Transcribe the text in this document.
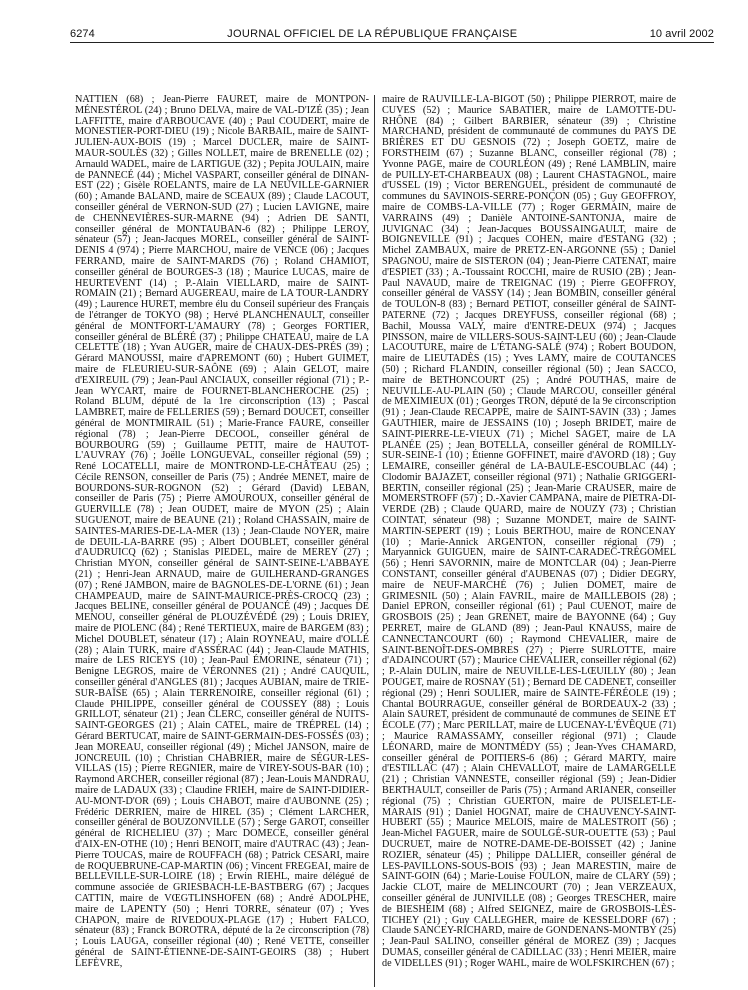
6274	JOURNAL OFFICIEL DE LA RÉPUBLIQUE FRANÇAISE	10 avril 2002
NATTIEN (68) ; Jean-Pierre FAURET, maire de MONTPON-MÉNESTÉROL (24) ; Bruno DELVA, maire de VAL-D'IZÉ (35) ; Jean LAFFITTE, maire d'ARBOUCAVE (40) ; Paul COUDERT, maire de MONESTIER-PORT-DIEU (19) ; Nicole BARBAIL, maire de SAINT-JULIEN-AUX-BOIS (19) ; Marcel DUCLER, maire de SAINT-MAUR-SOULÈS (32) ; Gilles NOLLET, maire de BRENELLE (02) ; Arnauld WADEL, maire de LARTIGUE (32) ; Pepita JOULAIN, maire de PANNECÉ (44) ; Michel VASPART, conseiller général de DINAN-EST (22) ; Gisèle ROELANTS, maire de LA NEUVILLE-GARNIER (60) ; Amande BALAND, maire de SCEAUX (89) ; Claude LACOUT, conseiller général de VERNON-SUD (27) ; Lucien LAVIGNE, maire de CHENNEVIÈRES-SUR-MARNE (94) ; Adrien DE SANTI, conseiller général de MONTAUBAN-6 (82) ; Philippe LEROY, sénateur (57) ; Jean-Jacques MOREL, conseiller général de SAINT-DENIS 4 (974) ; Pierre MARCHOU, maire de VENCE (06) ; Jacques FERRAND, maire de SAINT-MARDS (76) ; Roland CHAMIOT, conseiller général de BOURGES-3 (18) ; Maurice LUCAS, maire de HEURTEVENT (14) ; P.-Alain VIELLARD, maire de SAINT-ROMAIN (21) ; Bernard AUGEREAU, maire de LA TOUR-LANDRY (49) ; Laurence HURET, membre élu du Conseil supérieur des Français de l'étranger de TOKYO (98) ; Hervé PLANCHENAULT, conseiller général de MONTFORT-L'AMAURY (78) ; Georges FORTIER, conseiller général de BLÉRÉ (37) ; Philippe CHATEAU, maire de LA CELETTE (18) ; Yvan AUGER, maire de CHAUX-DES-PRÉS (39) ; Gérard MANOUSSI, maire d'APREMONT (60) ; Hubert GUIMET, maire de FLEURIEU-SUR-SAÔNE (69) ; Alain GELOT, maire d'EXIREUIL (79) ; Jean-Paul ANCIAUX, conseiller régional (71) ; P.-Jean WYCART, maire de FOURNET-BLANCHEROCHE (25) ; Roland BLUM, député de la 1re circonscription (13) ; Pascal LAMBRET, maire de FELLERIES (59) ; Bernard DOUCET, conseiller général de MONTMIRAIL (51) ; Marie-France FAURE, conseiller régional (78) ; Jean-Pierre DECOOL, conseiller général de BOURBOURG (59) ; Guillaume PETIT, maire de HAUTOT-L'AUVRAY (76) ; Joëlle LONGUEVAL, conseiller régional (59) ; René LOCATELLI, maire de MONTROND-LE-CHÂTEAU (25) ; Cécile RENSON, conseiller de Paris (75) ; Andrée MENET, maire de BOURDONS-SUR-ROGNON (52) ; Gérard (David) LEBAN, conseiller de Paris (75) ; Pierre AMOUROUX, conseiller général de GUERVILLE (78) ; Jean OUDET, maire de MYON (25) ; Alain SUGUENOT, maire de BEAUNE (21) ; Roland CHASSAIN, maire de SAINTES-MARIES-DE-LA-MER (13) ; Jean-Claude NOYER, maire de DEUIL-LA-BARRE (95) ; Albert DOUBLET, conseiller général d'AUDRUICQ (62) ; Stanislas PIEDEL, maire de MEREY (27) ; Christian MYON, conseiller général de SAINT-SEINE-L'ABBAYE (21) ; Henri-Jean ARNAUD, maire de GUILHERAND-GRANGES (07) ; René JAMBON, maire de BAGNOLES-DE-L'ORNE (61) ; Jean CHAMPEAUD, maire de SAINT-MAURICE-PRÈS-CROCQ (23) ; Jacques BELINE, conseiller général de POUANCÉ (49) ; Jacques DE MENOU, conseiller général de PLOUZÉVÉDÉ (29) ; Louis DRIEY, maire de PIOLENC (84) ; René TERTIEUX, maire de BARGEM (83) ; Michel DOUBLET, sénateur (17) ; Alain ROYNEAU, maire d'OLLÉ (28) ; Alain TURK, maire d'ASSÉRAC (44) ; Jean-Claude MATHIS, maire de LES RICEYS (10) ; Jean-Paul ÉMORINE, sénateur (71) ; Benigne LEGROS, maire de VÉRONNES (21) ; André CAUQUIL, conseiller général d'ANGLES (81) ; Jacques AUBIAN, maire de TRIE-SUR-BAÏSE (65) ; Alain TERRENOIRE, conseiller régional (61) ; Claude PHILIPPE, conseiller général de COUSSEY (88) ; Louis GRILLOT, sénateur (21) ; Jean CLERC, conseiller général de NUITS-SAINT-GEORGES (21) ; Alain CATEL, maire de TRÉPREL (14) ; Gérard BERTUCAT, maire de SAINT-GERMAIN-DES-FOSSÉS (03) ; Jean MOREAU, conseiller régional (49) ; Michel JANSON, maire de JONCREUIL (10) ; Christian CHABRIER, maire de SÉGUR-LES-VILLAS (15) ; Pierre REGNIER, maire de VIREY-SOUS-BAR (10) ; Raymond ARCHER, conseiller régional (87) ; Jean-Louis MANDRAU, maire de LADAUX (33) ; Claudine FRIEH, maire de SAINT-DIDIER-AU-MONT-D'OR (69) ; Louis CHABOT, maire d'AUBONNE (25) ; Frédéric DERRIEN, maire de HIREL (35) ; Clément LARCHER, conseiller général de BOUZONVILLE (57) ; Serge GAROT, conseiller général de RICHELIEU (37) ; Marc DOMECE, conseiller général d'AIX-EN-OTHE (10) ; Henri BENOIT, maire d'AUTRAC (43) ; Jean-Pierre TOUCAS, maire de ROUFFACH (68) ; Patrick CESARI, maire de ROQUEBRUNE-CAP-MARTIN (06) ; Vincent FREGEAI, maire de BELLEVILLE-SUR-LOIRE (18) ; Erwin RIEHL, maire délégué de commune associée de GRIESBACH-LE-BASTBERG (67) ; Jacques CATTIN, maire de VŒGTLINSHOFEN (68) ; André ADOLPHE, maire de LAPENTY (50) ; Henri TORRE, sénateur (07) ; Yves CHAPON, maire de RIVEDOUX-PLAGE (17) ; Hubert FALCO, sénateur (83) ; Franck BOROTRA, député de la 2e circonscription (78) ; Louis LAUGA, conseiller régional (40) ; René VETTE, conseiller général de SAINT-ÉTIENNE-DE-SAINT-GEOIRS (38) ; Hubert LEFÈVRE,
maire de RAUVILLE-LA-BIGOT (50) ; Philippe PIERROT, maire de CUVES (52) ; Maurice SABATIER, maire de LAMOTTE-DU-RHÔNE (84) ; Gilbert BARBIER, sénateur (39) ; Christine MARCHAND, président de communauté de communes du PAYS DE BRIÈRES ET DU GESNOIS (72) ; Joseph GOETZ, maire de FORSTHEIM (67) ; Suzanne BLANC, conseiller régional (78) ; Yvonne PAGE, maire de COURLÉON (49) ; René LAMBLIN, maire de PUILLY-ET-CHARBEAUX (08) ; Laurent CHASTAGNOL, maire d'USSEL (19) ; Victor BERENGUEL, président de communauté de communes du SAVINOIS-SERRE-PONÇON (05) ; Guy GEOFFROY, maire de COMBS-LA-VILLE (77) ; Roger GERMAIN, maire de VARRAINS (49) ; Danièle ANTOINE-SANTONJA, maire de JUVIGNAC (34) ; Jean-Jacques BOUSSAINGAULT, maire de BOIGNEVILLE (91) ; Jacques COHEN, maire d'ESTANG (32) ; Michel ZAMBAUX, maire de PRETZ-EN-ARGONNE (55) ; Daniel SPAGNOU, maire de SISTERON (04) ; Jean-Pierre CATENAT, maire d'ESPIET (33) ; A.-Toussaint ROCCHI, maire de RUSIO (2B) ; Jean-Paul NAVAUD, maire de TREIGNAC (19) ; Pierre GEOFFROY, conseiller général de VASSY (14) ; Jean BOMBIN, conseiller général de TOULON-8 (83) ; Bernard PETIOT, conseiller général de SAINT-PATERNE (72) ; Jacques DREYFUSS, conseiller régional (68) ; Bachil, Moussa VALY, maire d'ENTRE-DEUX (974) ; Jacques PINSSON, maire de VILLERS-SOUS-SAINT-LEU (60) ; Jean-Claude LACOUTURE, maire de L'ÉTANG-SALÉ (974) ; Robert BOUDON, maire de LIEUTADÈS (15) ; Yves LAMY, maire de COUTANCES (50) ; Richard FLANDIN, conseiller régional (50) ; Jean SACCO, maire de BETHONCOURT (25) ; André POUTHAS, maire de NEUVILLE-AU-PLAIN (50) ; Claude MARCOU, conseiller général de MEXIMIEUX (01) ; Georges TRON, député de la 9e circonscription (91) ; Jean-Claude RECAPPE, maire de SAINT-SAVIN (33) ; James GAUTHIER, maire de JESSAINS (10) ; Joseph BRIDET, maire de SAINT-PIERRE-LE-VIEUX (71) ; Michel SAGET, maire de LA PLANÉE (25) ; Jean BOTELLA, conseiller général de ROMILLY-SUR-SEINE-1 (10) ; Étienne GOFFINET, maire d'AVORD (18) ; Guy LEMAIRE, conseiller général de LA-BAULE-ESCOUBLAC (44) ; Clodomir BAJAZET, conseiller régional (971) ; Nathalie GRIGGERI-BERTIN, conseiller régional (25) ; Jean-Marie CRAUSER, maire de MOMERSTROFF (57) ; D.-Xavier CAMPANA, maire de PIETRA-DI-VERDE (2B) ; Claude QUARD, maire de NOUZY (73) ; Christian COINTAT, sénateur (98) ; Suzanne MONDET, maire de SAINT-MARTIN-SEPERT (19) ; Louis BERTHOU, maire de RONCENAY (10) ; Marie-Annick ARGENTON, conseiller régional (79) ; Maryannick GUIGUEN, maire de SAINT-CARADEC-TRÉGOMEL (56) ; Henri SAVORNIN, maire de MONTCLAR (04) ; Jean-Pierre CONSTANT, conseiller général d'AUBENAS (07) ; Didier DEGRY, maire de NEUF-MARCHÉ (76) ; Julien DOMET, maire de GRIMESNIL (50) ; Alain FAVRIL, maire de MAILLEBOIS (28) ; Daniel EPRON, conseiller régional (61) ; Paul CUENOT, maire de GROSBOIS (25) ; Jean GRENET, maire de BAYONNE (64) ; Guy PERRET, maire de GLAND (89) ; Jean-Paul KNAUSS, maire de CANNECTANCOURT (60) ; Raymond CHEVALIER, maire de SAINT-BENOÎT-DES-OMBRES (27) ; Pierre SURLOTTE, maire d'ADAINCOURT (57) ; Maurice CHEVALIER, conseiller régional (62) ; P.-Alain DULIN, maire de NEUVILLE-LES-LŒUILLY (80) ; Jean POUGET, maire de ROSNAY (51) ; Bernard DE CADENET, conseiller régional (29) ; Henri SOULIER, maire de SAINTE-FÉRÉOLE (19) ; Chantal BOURRAGUE, conseiller général de BORDEAUX-2 (33) ; Alain SAURET, président de communauté de communes de SEINE ET ÉCOLE (77) ; Marc PERILLAT, maire de LUCENAY-L'ÉVÊQUE (71) ; Maurice RAMASSAMY, conseiller régional (971) ; Claude LÉONARD, maire de MONTMÉDY (55) ; Jean-Yves CHAMARD, conseiller général de POITIERS-6 (86) ; Gérard MARTY, maire d'ESTILLAC (47) ; Alain CHEVALLOT, maire de LAMARGELLE (21) ; Christian VANNESTE, conseiller régional (59) ; Jean-Didier BERTHAULT, conseiller de Paris (75) ; Armand ARIANER, conseiller régional (75) ; Christian GUERTON, maire de PUISELET-LE-MARAIS (91) ; Daniel HOGNAT, maire de CHAUVENCY-SAINT-HUBERT (55) ; Maurice MELOIS, maire de MALESTROIT (56) ; Jean-Michel FAGUER, maire de SOULGÉ-SUR-OUETTE (53) ; Paul DUCRUET, maire de NOTRE-DAME-DE-BOISSET (42) ; Janine ROZIER, sénateur (45) ; Philippe DALLIER, conseiller général de LES-PAVILLONS-SOUS-BOIS (93) ; Jean MARESTIN, maire de SAINT-GOIN (64) ; Marie-Louise FOULON, maire de CLARY (59) ; Jackie CLOT, maire de MELINCOURT (70) ; Jean VERZEAUX, conseiller général de JUNIVILLE (08) ; Georges TRESCHER, maire de BIESHEIM (68) ; Alfred SEIGNEZ, maire de GROSBOIS-LÈS-TICHEY (21) ; Guy CALLEGHER, maire de KESSELDORF (67) ; Claude SANCEY-RICHARD, maire de GONDENANS-MONTBY (25) ; Jean-Paul SALINO, conseiller général de MOREZ (39) ; Jacques DUMAS, conseiller général de CADILLAC (33) ; Henri MEIER, maire de VIDELLES (91) ; Roger WAHL, maire de WOLFSKIRCHEN (67) ;
